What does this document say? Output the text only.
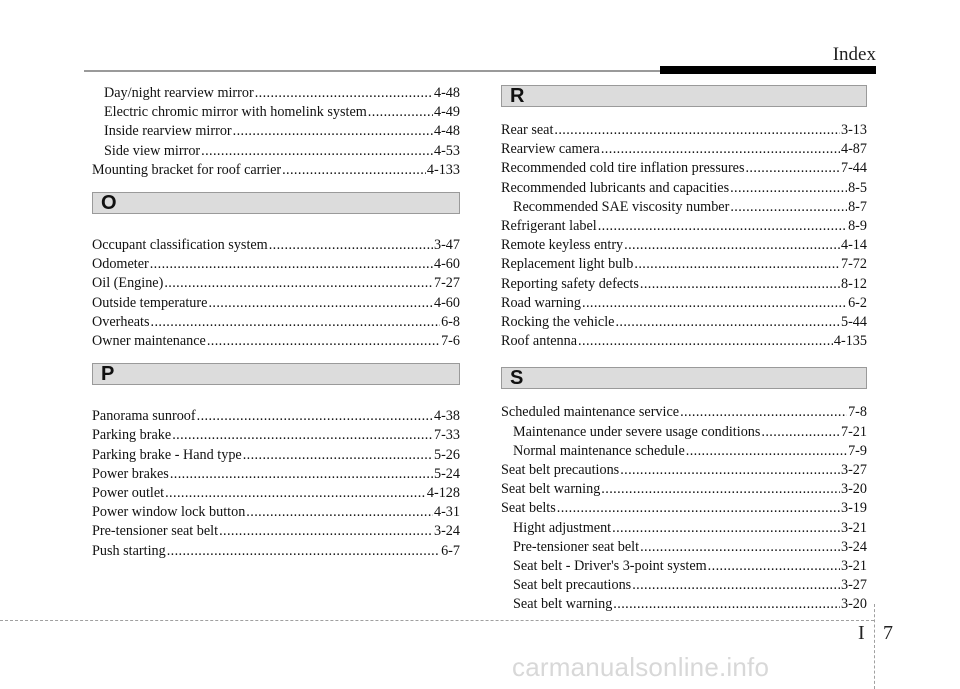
Index
Day/night rearview mirror .....	4-48
Electric chromic mirror with homelink system .....	4-49
Inside rearview mirror .....	4-48
Side view mirror .....	4-53
Mounting bracket for roof carrier .....	4-133
O
Occupant classification system .....	3-47
Odometer .....	4-60
Oil (Engine) .....	7-27
Outside temperature .....	4-60
Overheats .....	6-8
Owner maintenance .....	7-6
P
Panorama sunroof .....	4-38
Parking brake .....	7-33
Parking brake - Hand type .....	5-26
Power brakes .....	5-24
Power outlet .....	4-128
Power window lock button .....	4-31
Pre-tensioner seat belt .....	3-24
Push starting .....	6-7
R
Rear seat .....	3-13
Rearview camera .....	4-87
Recommended cold tire inflation pressures .....	7-44
Recommended lubricants and capacities .....	8-5
Recommended SAE viscosity number .....	8-7
Refrigerant label .....	8-9
Remote keyless entry .....	4-14
Replacement light bulb .....	7-72
Reporting safety defects .....	8-12
Road warning .....	6-2
Rocking the vehicle .....	5-44
Roof antenna .....	4-135
S
Scheduled maintenance service .....	7-8
Maintenance under severe usage conditions .....	7-21
Normal maintenance schedule .....	7-9
Seat belt precautions .....	3-27
Seat belt warning .....	3-20
Seat belts .....	3-19
Hight adjustment .....	3-21
Pre-tensioner seat belt .....	3-24
Seat belt - Driver's 3-point system .....	3-21
Seat belt precautions .....	3-27
Seat belt warning .....	3-20
I 7
carmanualsonline.info
